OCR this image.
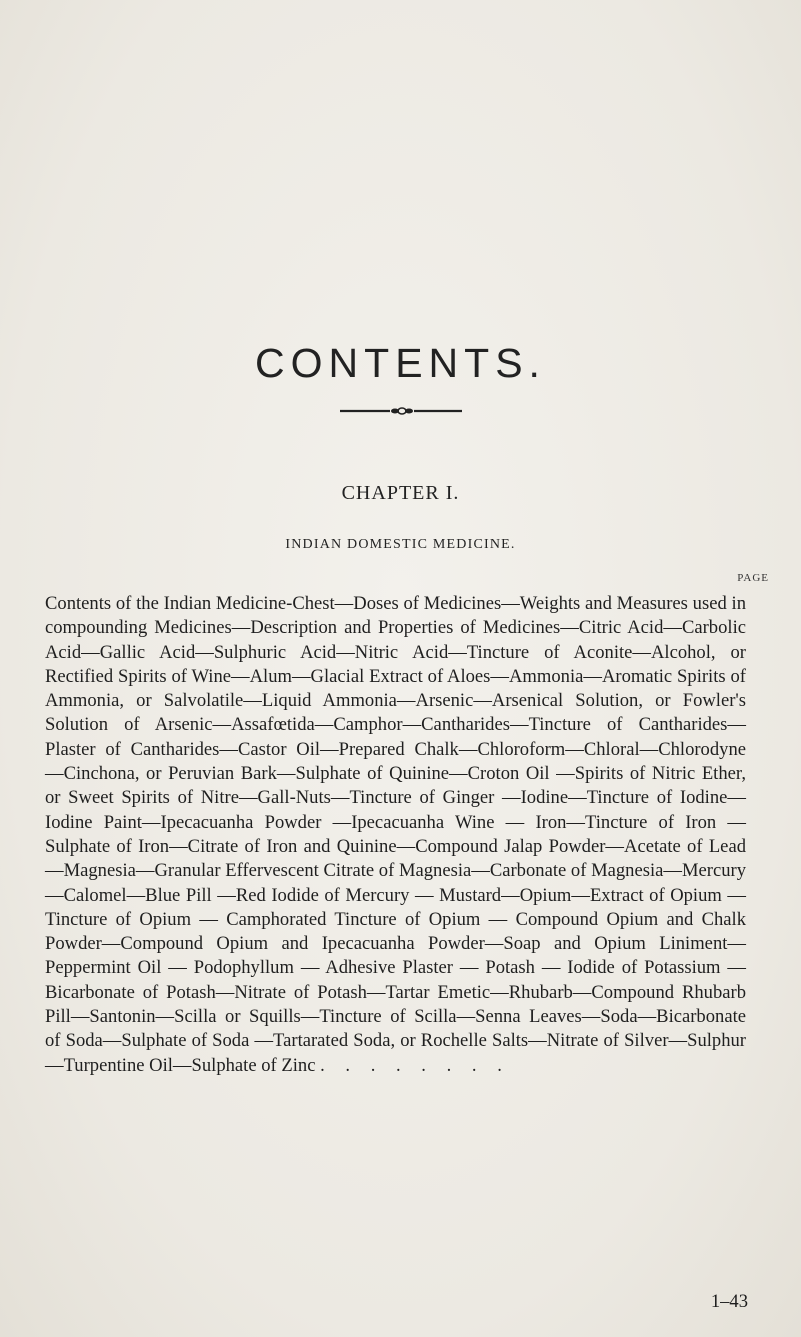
CONTENTS.
CHAPTER I.
INDIAN DOMESTIC MEDICINE.
PAGE
Contents of the Indian Medicine-Chest—Doses of Medicines—Weights and Measures used in compounding Medicines—Description and Properties of Medicines—Citric Acid—Carbolic Acid—Gallic Acid—Sulphuric Acid—Nitric Acid—Tincture of Aconite—Alcohol, or Rectified Spirits of Wine—Alum—Glacial Extract of Aloes—Ammonia—Aromatic Spirits of Ammonia, or Salvolatile—Liquid Ammonia—Arsenic—Arsenical Solution, or Fowler's Solution of Arsenic—Assafœtida—Camphor—Cantharides—Tincture of Cantharides—Plaster of Cantharides—Castor Oil—Prepared Chalk—Chloroform—Chloral—Chlorodyne —Cinchona, or Peruvian Bark—Sulphate of Quinine—Croton Oil —Spirits of Nitric Ether, or Sweet Spirits of Nitre—Gall-Nuts—Tincture of Ginger —Iodine—Tincture of Iodine—Iodine Paint—Ipecacuanha Powder —Ipecacuanha Wine — Iron—Tincture of Iron — Sulphate of Iron—Citrate of Iron and Quinine—Compound Jalap Powder—Acetate of Lead—Magnesia—Granular Effervescent Citrate of Magnesia—Carbonate of Magnesia—Mercury—Calomel—Blue Pill —Red Iodide of Mercury — Mustard—Opium—Extract of Opium — Tincture of Opium — Camphorated Tincture of Opium — Compound Opium and Chalk Powder—Compound Opium and Ipecacuanha Powder—Soap and Opium Liniment—Peppermint Oil — Podophyllum — Adhesive Plaster — Potash — Iodide of Potassium — Bicarbonate of Potash—Nitrate of Potash—Tartar Emetic—Rhubarb—Compound Rhubarb Pill—Santonin—Scilla or Squills—Tincture of Scilla—Senna Leaves—Soda—Bicarbonate of Soda—Sulphate of Soda —Tartarated Soda, or Rochelle Salts—Nitrate of Silver—Sulphur—Turpentine Oil—Sulphate of Zinc . . . . . . . .
1–43
